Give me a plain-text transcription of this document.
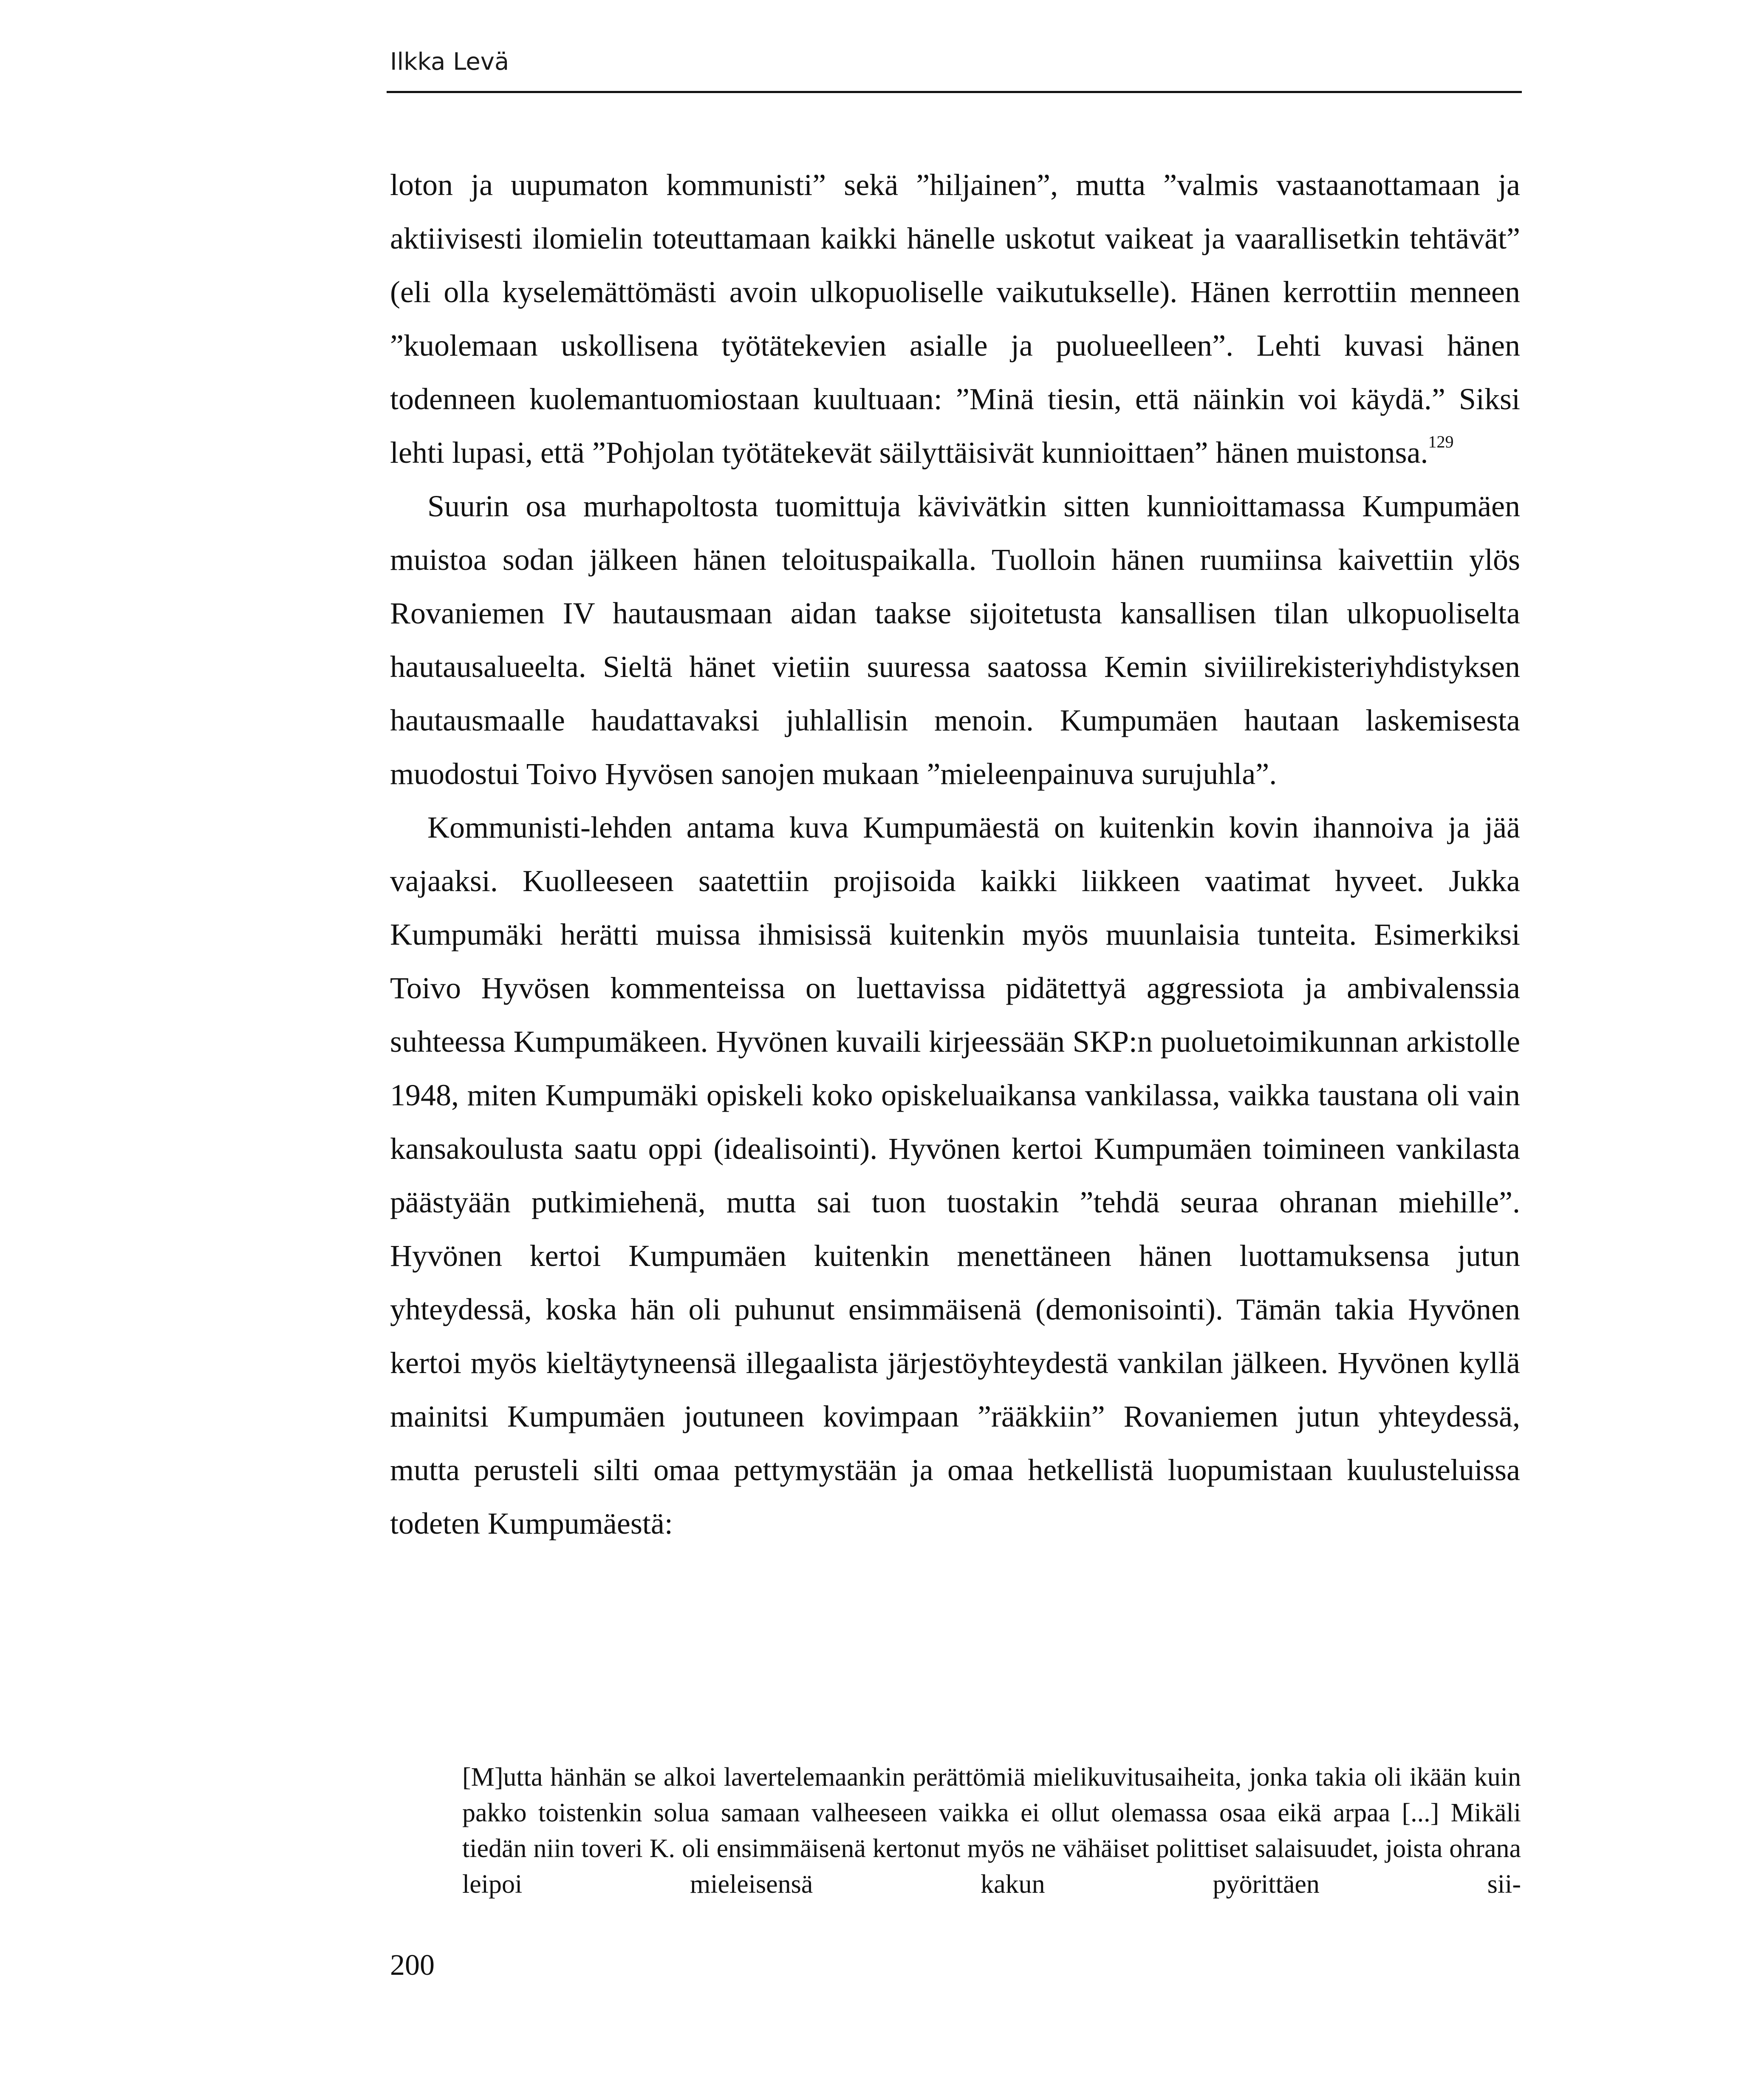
Ilkka Levä

loton ja uupumaton kommunisti” sekä ”hiljainen”, mutta ”valmis vastaanottamaan ja aktiivisesti ilomielin toteuttamaan kaikki hänelle uskotut vaikeat ja vaarallisetkin tehtävät” (eli olla kyselemättömästi avoin ulkopuoliselle vaikutukselle). Hänen kerrottiin menneen ”kuolemaan uskollisena työtätekevien asialle ja puolueelleen”. Lehti kuvasi hänen todenneen kuolemantuomiostaan kuultuaan: ”Minä tiesin, että näinkin voi käydä.” Siksi lehti lupasi, että ”Pohjolan työtätekevät säilyttäisivät kunnioittaen” hänen muistonsa.$^{129}$

Suurin osa murhapoltosta tuomittuja kävivätkin sitten kunnioittamassa Kumpumäen muistoa sodan jälkeen hänen teloituspaikalla. Tuolloin hänen ruumiinsa kaivettiin ylös Rovaniemen IV hautausmaan aidan taakse sijoitetusta kansallisen tilan ulkopuoliselta hautausalueelta. Sieltä hänet vietiin suuressa saatossa Kemin siviilirekisteriyhdistyksen hautausmaalle haudattavaksi juhlallisin menoin. Kumpumäen hautaan laskemisesta muodostui Toivo Hyvösen sanojen mukaan ”mieleenpainuva surujuhla”.

Kommunisti-lehden antama kuva Kumpumäestä on kuitenkin kovin ihannoiva ja jää vajaaksi. Kuolleeseen saatettiin projisoida kaikki liikkeen vaatimat hyveet. Jukka Kumpumäki herätti muissa ihmisissä kuitenkin myös muunlaisia tunteita. Esimerkiksi Toivo Hyvösen kommenteissa on luettavissa pidätettyä aggressiota ja ambivalenssia suhteessa Kumpumäkeen. Hyvönen kuvaili kirjeessään SKP:n puoluetoimikunnan arkistolle 1948, miten Kumpumäki opiskeli koko opiskeluaikansa vankilassa, vaikka taustana oli vain kansakoulusta saatu oppi (idealisointi). Hyvönen kertoi Kumpumäen toimineen vankilasta päästyään putkimiehenä, mutta sai tuon tuostakin ”tehdä seuraa ohranan miehille”. Hyvönen kertoi Kumpumäen kuitenkin menettäneen hänen luottamuksensa jutun yhteydessä, koska hän oli puhunut ensimmäisenä (demonisointi). Tämän takia Hyvönen kertoi myös kieltäytyneensä illegaalista järjestöyhteydestä vankilan jälkeen. Hyvönen kyllä mainitsi Kumpumäen joutuneen kovimpaan ”rääkkiin” Rovaniemen jutun yhteydessä, mutta perusteli silti omaa pettymystään ja omaa hetkellistä luopumistaan kuulusteluissa todeten Kumpumäestä:

[M]utta hänhän se alkoi lavertelemaankin perättömiä mielikuvitusaiheita, jonka takia oli ikään kuin pakko toistenkin solua samaan valheeseen vaikka ei ollut olemassa osaa eikä arpaa [...] Mikäli tiedän niin toveri K. oli ensimmäisenä kertonut myös ne vähäiset polittiset salaisuudet, joista ohrana leipoi mieleisensä kakun pyörittäen sii-

200
